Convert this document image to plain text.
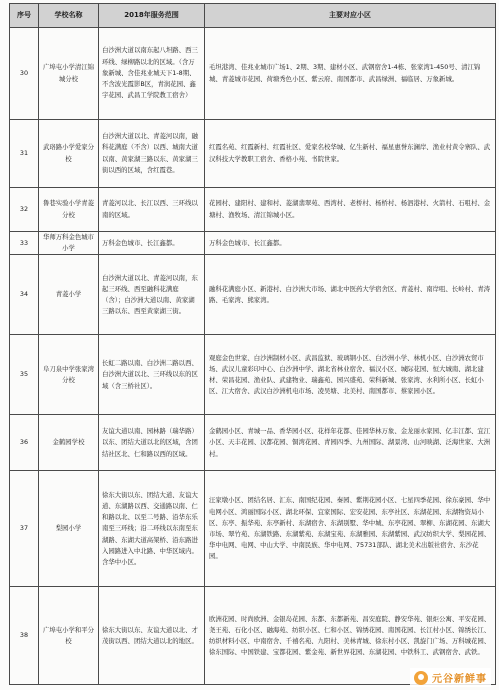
序号	学校名称	2018年服务范围	主要对应小区
30	广埠屯小学清江锦城分校	白沙洲大道以南东起八坦路、西三环线、绿柳路以北的区域。（含万象新城、含佳兆业城天下1-8期、不含波光霞影B区，青润花园、鑫宇花园、武昌工学院教工宿舍）	毛坦港湾、佳兆业城市广场1、2期、3期、建材小区、武钢宿舍1-4栋、张家湾1-450号、清江锦城、青菱城市花园、荷塘秀色小区、紫云府、南国都市、武昌绿洲、福临居、万象新城。
31	武珞路小学爱家分校	白沙洲大道以北、青菱河以南，融科花满庭（不含）以西、城南大道以南、黄家湖三路以东、黄家湖三街以西的区域，含红霞巷。	红霞名苑、红霞新村、红霞社区、爱家名校华城、亿生新村、福星惠誉东澜岸、渔业村黄令寨队、武汉科技大学教职工宿舍、香格小苑、书院世家。
32	鲁巷实验小学青菱分校	青菱河以北、长江以西、三环线以南的区域。	花园村、建阳村、建和村、菱湖翡翠苑、西湾村、老桥村、杨桥村、杨泗港村、火箭村、石咀村、金塘村、渔牧场、清江锦城小区。
33	华师万科金色城市小学	万科金色城市、长江鑫都。	万科金色城市、长江鑫都。
34	青菱小学	白沙洲大道以北、青菱河以南，东起三环线、西至融科花满庭（含）；白沙洲大道以南、黄家湖三路以东、西至黄家湖三街。	融科花满庭小区、新港村、白沙洲大市场、湖北中医药大学宿舍区、青菱村、南岸咀、长岭村、青涛路、毛家湾、熊家湾。
35	阜刀泉中学张家湾分校	长虹二路以南、白沙洲二路以西、白沙洲大道以北、三环线以东的区域（含三桥社区）。	观庭金色世家、白沙洲制材小区、武昌监狱、玻璃钢小区、白沙洲小学、林机小区、白沙洲农贸市场、武汉儿童彩印中心、白沙洲中学、湖北省林业宿舍、福汉小区、城际花园、恒大城南、湖北建材、荣昌花园、渔业队、武建物业、瑞鑫苑、园兴盛苑、荣科新城、张家湾、水利所小区、长虹小区、江大宿舍、武汉白沙洲机电市场、凌吴塘、北美村、南国都市、蔡家园小区。
36	金鹤园学校	友谊大道以南、园林路（瑞华路）以东、团结大道以北的区域，含团结社区北、仁和路以西的区域。	金鹤园小区、青城一品、香华园小区、花样年花都、佳园华林万象、金龙丽水家园、亿丰江都、宜江小区、天丰花园、汉都花园、铜湾花园、青园四季、九州国际、湖景湾、山河映湖、泛海世家、大洲村。
37	梨园小学	徐东大街以东、团结大道、友谊大道、东湖路以西、交通路以南、仁和路以北、以至二号路、沿华东乐南至三环线；沿二环线以东南至东湖路、东湖大道高架桥、沿东路进入园路进入中北路、中华区域内。含华中小区。	汪家墩小区、团结名居、汇东、南国纪花园、秦园、紫荆花园小区、七星四季花园、徐东豪园、华中电网小区、鸿丽国际小区、湖北环保、宜家国际、宏安花园、东亭社区、东湖花园、东湖物资局小区、东亭、振华苑、东亭新村、东湖宿舍、东湖别墅、华中城、东亭花园、翠柳、东湖花园、东湖大市场、翠竹苑、东湖铁路、东湖紫苑、东湖宝苑、东湖雅园、东湖紫园、武汉纺织大学、梨园花园、华中电网、电网、中山大学、中南民族、华中电网、75731部队、湖北美术出版社宿舍、东沙花园。
38	广埠屯小学和平分校	徐东大街以东、友谊大道以北、才茂街以西、团结大道以北的地区。	欧洲花园、时尚欧洲、金银岛花园、东都、东都新苑、昌安庭院、静安华苑、银炬公寓、平安花园、尧王苑、石化小区、融海苑、纺织小区、仁和小区、锦绣花园、南国花园、长江村小区、锦绣长江、纺织材料小区、中南宿舍、千禧名苑、九阳村、美林青城、徐东村小区、凯旋门广场、万科城花园、徐东国际、中国铁建、宝都花园、紫金苑、新世界花园、东湖花园、中铁科工、武钢宿舍、武铁。
元谷新鲜事
